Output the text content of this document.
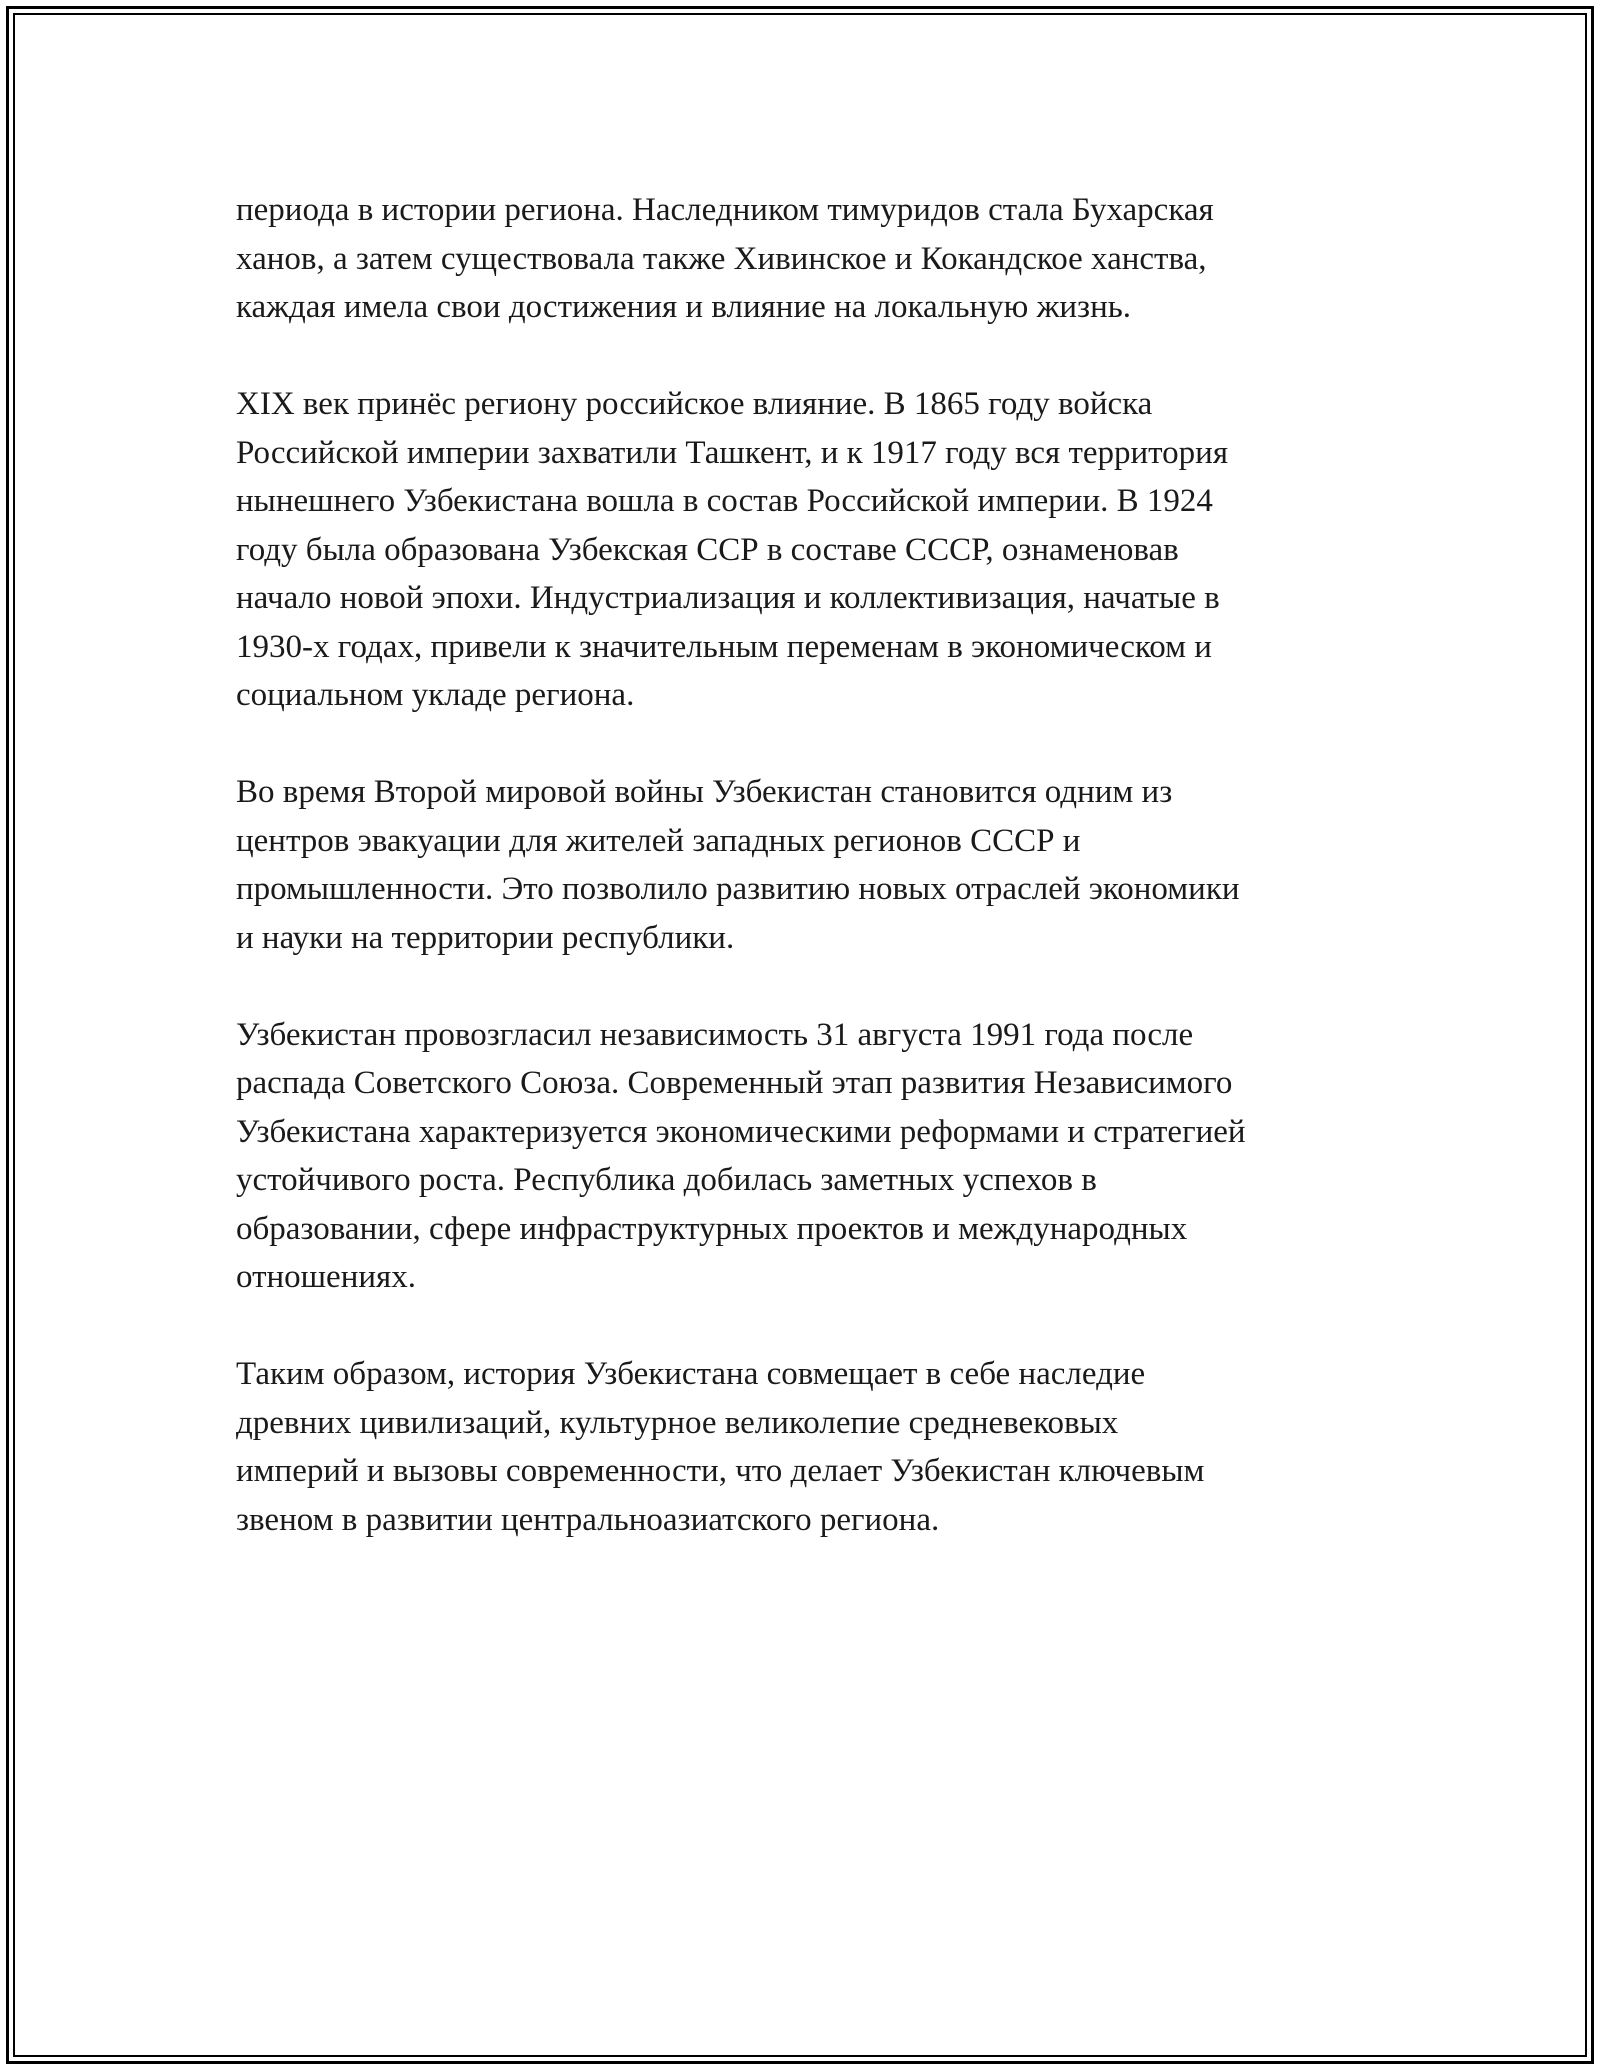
периода в истории региона. Наследником тимуридов стала Бухарская
ханов, а затем существовала также Хивинское и Кокандское ханства,
каждая имела свои достижения и влияние на локальную жизнь.

XIX век принёс региону российское влияние. В 1865 году войска
Российской империи захватили Ташкент, и к 1917 году вся территория
нынешнего Узбекистана вошла в состав Российской империи. В 1924
году была образована Узбекская ССР в составе СССР, ознаменовав
начало новой эпохи. Индустриализация и коллективизация, начатые в
1930-х годах, привели к значительным переменам в экономическом и
социальном укладе региона.

Во время Второй мировой войны Узбекистан становится одним из
центров эвакуации для жителей западных регионов СССР и
промышленности. Это позволило развитию новых отраслей экономики
и науки на территории республики.

Узбекистан провозгласил независимость 31 августа 1991 года после
распада Советского Союза. Современный этап развития Независимого
Узбекистана характеризуется экономическими реформами и стратегией
устойчивого роста. Республика добилась заметных успехов в
образовании, сфере инфраструктурных проектов и международных
отношениях.

Таким образом, история Узбекистана совмещает в себе наследие
древних цивилизаций, культурное великолепие средневековых
империй и вызовы современности, что делает Узбекистан ключевым
звеном в развитии центральноазиатского региона.
